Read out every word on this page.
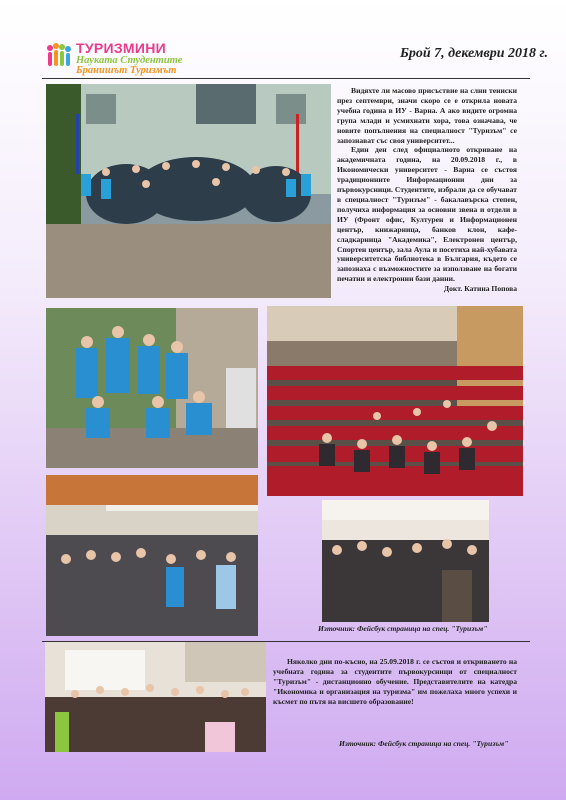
ТУРИЗМИНИ
Науката Студентите
Бранишът Туризмът
Брой 7, декември 2018 г.

Видяхте ли масово присъствие на слни тениски през септември, значи скоро се е открила новата учебна година в ИУ - Варна. А ако видите огромна група млади и усмихнати хора, това означава, че новите попълнения на специалност "Туризъм" се запознават със своя университет...

Един ден след официалното откриване на академичната година, на 20.09.2018 г., в Икономически университет - Варна се състоя традиционните Информационни дни за първокурсници. Студентите, избрали да се обучават в специалност "Туризъм" - бакалавърска степен, получиха информация за основни звена и отдели в ИУ (Фронт офис, Културен и Информационен център, книжарница, банков клон, кафе-сладкарница "Академика", Електронен център, Спортен център, зала Аула и посетиха най-хубавата университетска библиотека в България, където се запознаха с възможностите за използване на богати печатни и електронни бази данни.

Докт. Катина Попова
Източник: Фейсбук страница на спец. "Туризъм"

Няколко дни по-късно, на 25.09.2018 г. се състоя и откриването на учебната година за студентите първокурсници от специалност "Туризъм" - дистанционно обучение. Представителите на катедра "Икономика и организация на туризма" им пожелаха много успехи и късмет по пътя на висшето образование!

Източник: Фейсбук страница на спец. "Туризъм"
